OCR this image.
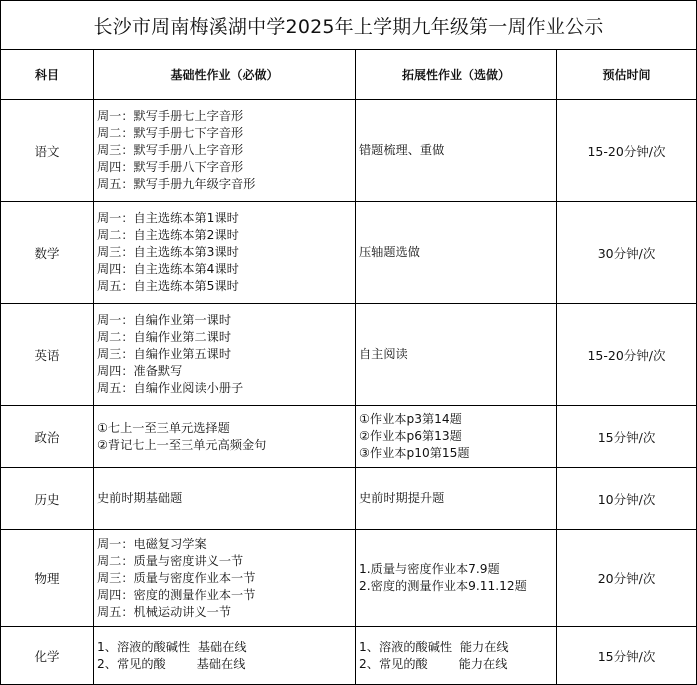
长沙市周南梅溪湖中学2025年上学期九年级第一周作业公示			
科目	基础性作业（必做）	拓展性作业（选做）	预估时间
语文	周一：默写手册七上字音形
周二：默写手册七下字音形
周三：默写手册八上字音形
周四：默写手册八下字音形
周五：默写手册九年级字音形	错题梳理、重做	15-20分钟/次
数学	周一：自主选练本第1课时
周二：自主选练本第2课时
周三：自主选练本第3课时
周四：自主选练本第4课时
周五：自主选练本第5课时	压轴题选做	30分钟/次
英语	周一：自编作业第一课时
周二：自编作业第二课时
周三：自编作业第五课时
周四：准备默写
周五：自编作业阅读小册子	自主阅读	15-20分钟/次
政治	①七上一至三单元选择题
②背记七上一至三单元高频金句	①作业本p3第14题
②作业本p6第13题
③作业本p10第15题	15分钟/次
历史	史前时期基础题	史前时期提升题	10分钟/次
物理	周一：电磁复习学案
周二：质量与密度讲义一节
周三：质量与密度作业本一节
周四：密度的测量作业本一节
周五：机械运动讲义一节	1.质量与密度作业本7.9题
2.密度的测量作业本9.11.12题	20分钟/次
化学	1、溶液的酸碱性  基础在线
2、常见的酸        基础在线	1、溶液的酸碱性  能力在线
2、常见的酸        能力在线	15分钟/次
